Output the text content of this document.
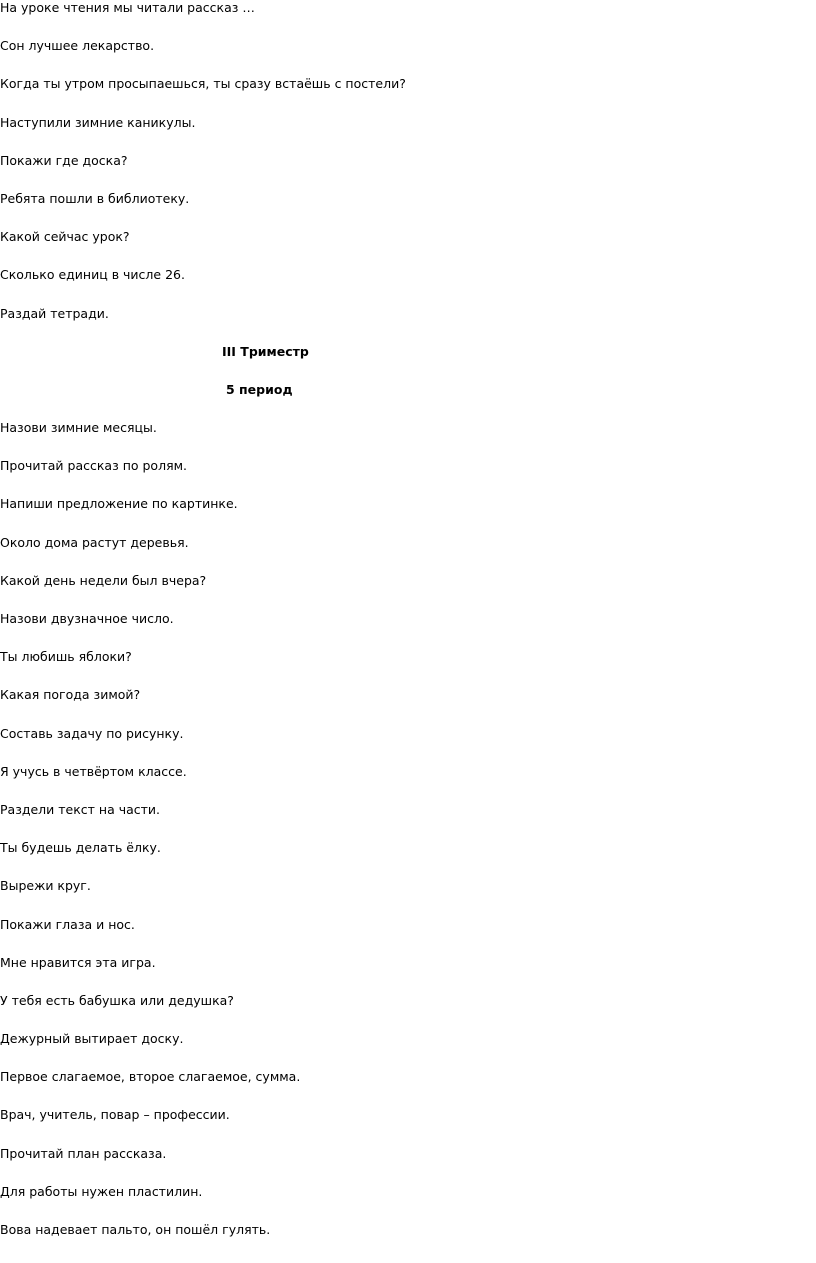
На уроке чтения мы читали рассказ …
Сон лучшее лекарство.
Когда ты утром просыпаешься, ты сразу встаёшь с постели?
Наступили зимние каникулы.
Покажи где доска?
Ребята пошли в библиотеку.
Какой сейчас урок?
Сколько единиц в числе 26.
Раздай тетради.
III Триместр
5 период
Назови зимние месяцы.
Прочитай рассказ по ролям.
Напиши предложение по картинке.
Около дома растут деревья.
Какой день недели был вчера?
Назови двузначное число.
Ты любишь яблоки?
Какая погода зимой?
Составь задачу по рисунку.
Я учусь в четвёртом классе.
Раздели текст на части.
Ты будешь делать ёлку.
Вырежи круг.
Покажи глаза и нос.
Мне нравится эта игра.
У тебя есть бабушка или дедушка?
Дежурный вытирает доску.
Первое слагаемое, второе слагаемое, сумма.
Врач, учитель, повар – профессии.
Прочитай план рассказа.
Для работы нужен пластилин.
Вова надевает пальто, он пошёл гулять.
